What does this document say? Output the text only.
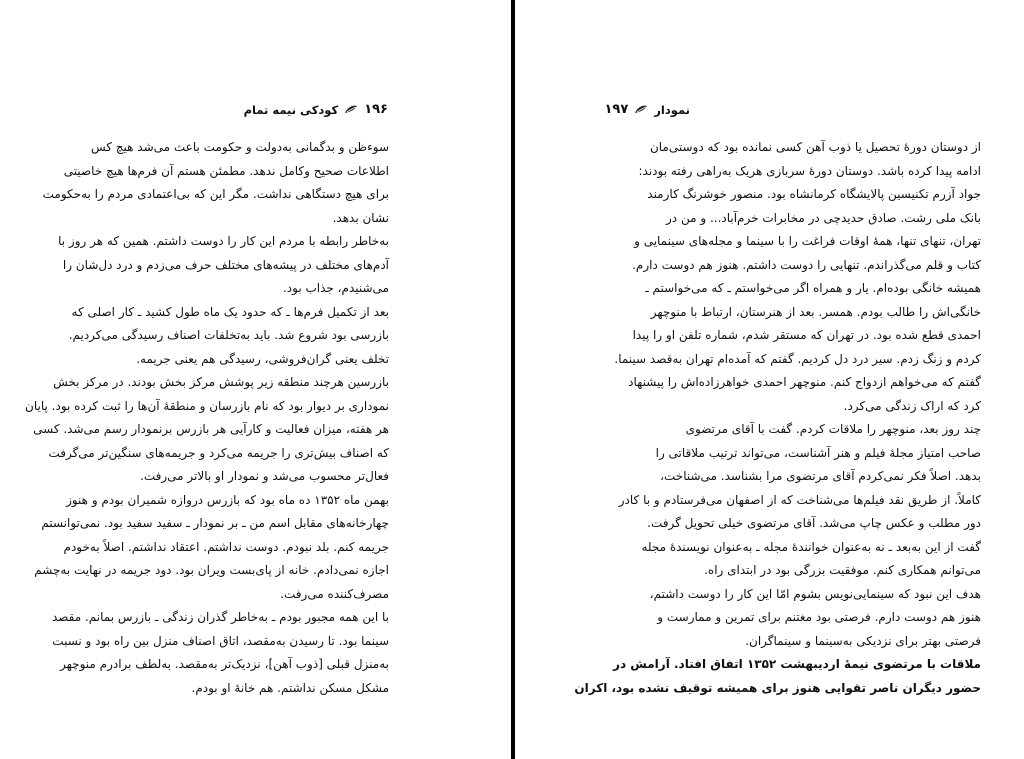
١٩۶
کودکی نیمه تمام
سوءظن و بدگمانی به‌دولت و حکومت باعث می‌شد هیچ کس
اطلاعات صحیح وکامل ندهد. مطمئن هستم آن فرم‌ها هیچ خاصیتی
برای هیچ دستگاهی نداشت. مگر این که بی‌اعتمادی مردم را به‌حکومت
نشان بدهد.
به‌خاطر رابطه با مردم این کار را دوست داشتم. همین که هر روز با
آدم‌های مختلف در پیشه‌های مختلف حرف می‌زدم و درد دل‌شان را
می‌شنیدم، جذاب بود.
بعد از تکمیل فرم‌ها ـ که حدود یک ماه طول کشید ـ کار اصلی که
بازرسی بود شروع شد. باید به‌تخلفات اصناف رسیدگی می‌کردیم.
تخلف یعنی گران‌فروشی، رسیدگی هم یعنی جریمه.
بازرسین هرچند منطقه زیر پوشش مرکز بخش بودند. در مرکز بخش
نموداری بر دیوار بود که نام بازرسان و منطقهٔ آن‌ها را ثبت کرده بود. پایان
هر هفته، میزان فعالیت و کارآیی هر بازرس برنمودار رسم می‌شد. کسی
که اصناف بیش‌تری را جریمه می‌کرد و جریمه‌های سنگین‌تر می‌گرفت
فعال‌تر محسوب می‌شد و نمودار او بالاتر می‌رفت.
بهمن ماه ۱۳۵۲ ده ماه بود که بازرس دروازه شمیران بودم و هنوز
چهارخانه‌های مقابل اسم من ـ بر نمودار ـ سفید سفید بود. نمی‌توانستم
جریمه کنم. بلد نبودم. دوست نداشتم. اعتقاد نداشتم. اصلاً به‌خودم
اجازه نمی‌دادم. خانه از پای‌بست ویران بود. دود جریمه در نهایت به‌چشم
مصرف‌کننده می‌رفت.
با این همه مجبور بودم ـ به‌خاطر گذران زندگی ـ بازرس بمانم. مقصد
سینما بود. تا رسیدن به‌مقصد، اتاق اصناف منزل بین راه بود و نسبت
به‌منزل قبلی [ذوب آهن]، نزدیک‌تر به‌مقصد. به‌لطف برادرم منوچهر
مشکل مسکن نداشتم. هم خانهٔ او بودم.
نمودار
١٩٧
از دوستان دورهٔ تحصیل یا ذوب آهن کسی نمانده بود که دوستی‌مان
ادامه پیدا کرده باشد. دوستان دورهٔ سربازی هریک به‌راهی رفته بودند:
جواد آزرم تکنیسین پالایشگاه کرمانشاه بود. منصور خوشرنگ کارمند
بانک ملی رشت. صادق حدیدچی در مخابرات خرم‌آباد... و من در
تهران، تنهای تنها، همهٔ اوقات فراغت را با سینما و مجله‌های سینمایی و
کتاب و قلم می‌گذراندم. تنهایی را دوست داشتم. هنوز هم دوست دارم.
همیشه خانگی بوده‌ام. یار و همراه اگر می‌خواستم ـ که می‌خواستم ـ
خانگی‌اش را طالب بودم. همسر. بعد از هنرستان، ارتباط با منوچهر
احمدی قطع شده بود. در تهران که مستقر شدم، شماره تلفن او را پیدا
کردم و زنگ زدم. سیر درد دل کردیم. گفتم که آمده‌ام تهران به‌قصد سینما.
گفتم که می‌خواهم ازدواج کنم. منوچهر احمدی خواهرزاده‌اش را پیشنهاد
کرد که اراک زندگی می‌کرد.
چند روز بعد، منوچهر را ملاقات کردم. گفت با آقای مرتضوی
صاحب امتیاز مجلهٔ فیلم و هنر آشناست، می‌تواند ترتیب ملاقاتی را
بدهد. اصلاً فکر نمی‌کردم آقای مرتضوی مرا بشناسد. می‌شناخت،
کاملاً. از طریق نقد فیلم‌ها می‌شناخت که از اصفهان می‌فرستادم و با کادر
دور مطلب و عکس چاپ می‌شد. آقای مرتضوی خیلی تحویل گرفت.
گفت از این به‌بعد ـ نه به‌عنوان خوانندهٔ مجله ـ به‌عنوان نویسندهٔ مجله
می‌توانم همکاری کنم. موفقیت بزرگی بود در ابتدای راه.
هدف این نبود که سینمایی‌نویس بشوم امّا این کار را دوست داشتم،
هنوز هم دوست دارم. فرصتی بود مغتنم برای تمرین و ممارست و
فرصتی بهتر برای نزدیکی به‌سینما و سینماگران.
ملاقات با مرتضوی نیمهٔ اردیبهشت ۱۳۵۲ اتفاق افتاد. آرامش در
حضور دیگران ناصر تقوایی هنوز برای همیشه توقیف نشده بود، اکران
